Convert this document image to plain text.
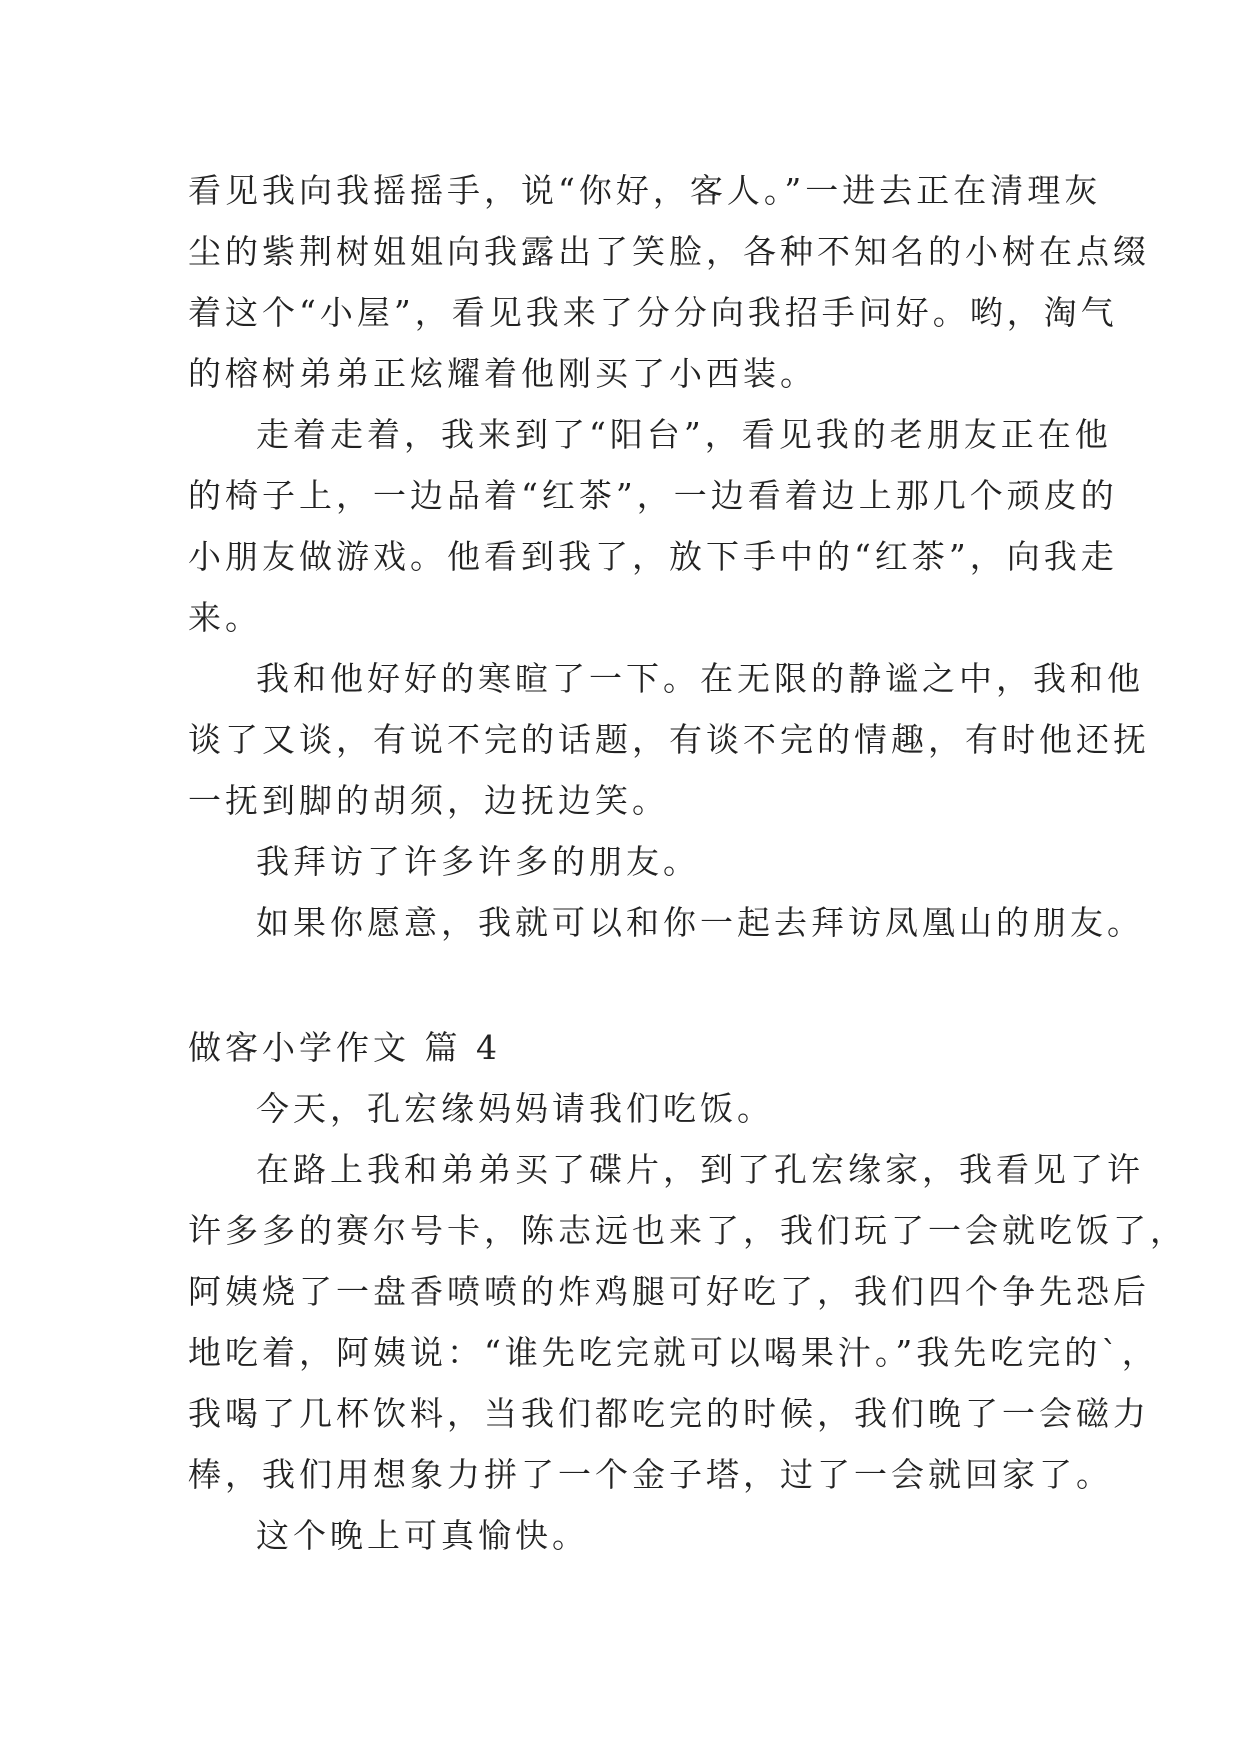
看见我向我摇摇手，说“你好，客人。”一进去正在清理灰
尘的紫荆树姐姐向我露出了笑脸，各种不知名的小树在点缀
着这个“小屋”，看见我来了分分向我招手问好。哟，淘气
的榕树弟弟正炫耀着他刚买了小西装。
走着走着，我来到了“阳台”，看见我的老朋友正在他
的椅子上，一边品着“红茶”，一边看着边上那几个顽皮的
小朋友做游戏。他看到我了，放下手中的“红茶”，向我走
来。
我和他好好的寒暄了一下。在无限的静谧之中，我和他
谈了又谈，有说不完的话题，有谈不完的情趣，有时他还抚
一抚到脚的胡须，边抚边笑。
我拜访了许多许多的朋友。
如果你愿意，我就可以和你一起去拜访凤凰山的朋友。
做客小学作文 篇 4
今天，孔宏缘妈妈请我们吃饭。
在路上我和弟弟买了碟片，到了孔宏缘家，我看见了许
许多多的赛尔号卡，陈志远也来了，我们玩了一会就吃饭了，
阿姨烧了一盘香喷喷的炸鸡腿可好吃了，我们四个争先恐后
地吃着，阿姨说：“谁先吃完就可以喝果汁。”我先吃完的`，
我喝了几杯饮料，当我们都吃完的时候，我们晚了一会磁力
棒，我们用想象力拼了一个金子塔，过了一会就回家了。
这个晚上可真愉快。
